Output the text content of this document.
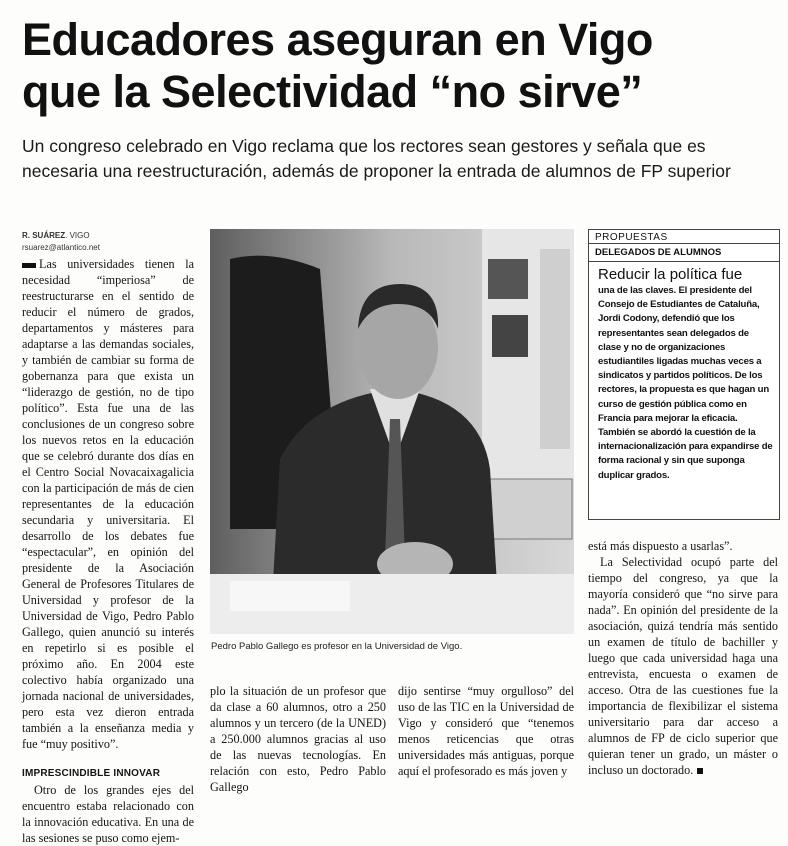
Educadores aseguran en Vigo
que la Selectividad “no sirve”

Un congreso celebrado en Vigo reclama que los rectores sean gestores y señala que es necesaria una reestructuración, además de proponer la entrada de alumnos de FP superior

R. SUÁREZ. VIGO
rsuarez@atlantico.net

Las universidades tienen la necesidad “imperiosa” de reestructurarse en el sentido de reducir el número de grados, departamentos y másteres para adaptarse a las demandas sociales, y también de cambiar su forma de gobernanza para que exista un “liderazgo de gestión, no de tipo político”. Esta fue una de las conclusiones de un congreso sobre los nuevos retos en la educación que se celebró durante dos días en el Centro Social Novacaixagalicia con la participación de más de cien representantes de la educación secundaria y universitaria. El desarrollo de los debates fue “espectacular”, en opinión del presidente de la Asociación General de Profesores Titulares de Universidad y profesor de la Universidad de Vigo, Pedro Pablo Gallego, quien anunció su interés en repetirlo si es posible el próximo año. En 2004 este colectivo había organizado una jornada nacional de universidades, pero esta vez dieron entrada también a la enseñanza media y fue “muy positivo”.

IMPRESCINDIBLE INNOVAR

Otro de los grandes ejes del encuentro estaba relacionado con la innovación educativa. En una de las sesiones se puso como ejem-

Pedro Pablo Gallego es profesor en la Universidad de Vigo.
plo la situación de un profesor que da clase a 60 alumnos, otro a 250 alumnos y un tercero (de la UNED) a 250.000 alumnos gracias al uso de las nuevas tecnologías. En relación con esto, Pedro Pablo Gallego
dijo sentirse “muy orgulloso” del uso de las TIC en la Universidad de Vigo y consideró que “tenemos menos reticencias que otras universidades más antiguas, porque aquí el profesorado es más joven y
PROPUESTAS
DELEGADOS DE ALUMNOS
Reducir la política fue
una de las claves. El presidente del Consejo de Estudiantes de Cataluña, Jordi Codony, defendió que los representantes sean delegados de clase y no de organizaciones estudiantiles ligadas muchas veces a sindicatos y partidos políticos. De los rectores, la propuesta es que hagan un curso de gestión pública como en Francia para mejorar la eficacia. También se abordó la cuestión de la internacionalización para expandirse de forma racional y sin que suponga duplicar grados.

está más dispuesto a usarlas”.

La Selectividad ocupó parte del tiempo del congreso, ya que la mayoría consideró que “no sirve para nada”. En opinión del presidente de la asociación, quizá tendría más sentido un examen de título de bachiller y luego que cada universidad haga una entrevista, encuesta o examen de acceso. Otra de las cuestiones fue la importancia de flexibilizar el sistema universitario para dar acceso a alumnos de FP de ciclo superior que quieran tener un grado, un máster o incluso un doctorado.
